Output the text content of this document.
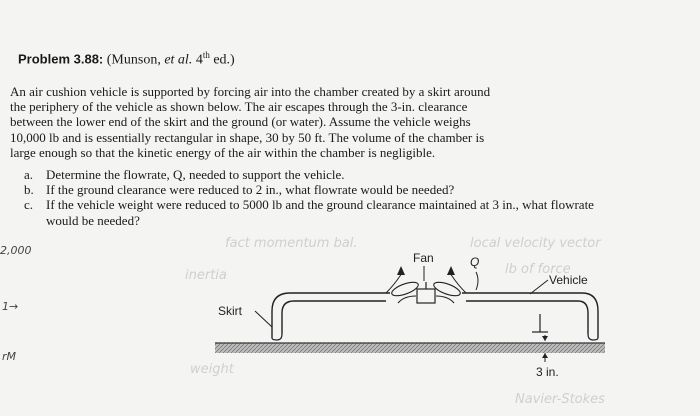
Problem 3.88: (Munson, et al. 4th ed.)
An air cushion vehicle is supported by forcing air into the chamber created by a skirt around
the periphery of the vehicle as shown below. The air escapes through the 3-in. clearance
between the lower end of the skirt and the ground (or water). Assume the vehicle weighs
10,000 lb and is essentially rectangular in shape, 30 by 50 ft. The volume of the chamber is
large enough so that the kinetic energy of the air within the chamber is negligible.
a. Determine the flowrate, Q, needed to support the vehicle.
b. If the ground clearance were reduced to 2 in., what flowrate would be needed?
c. If the vehicle weight were reduced to 5000 lb and the ground clearance maintained at 3 in., what flowrate would be needed?
fact momentum bal.	local velocity vector
inertia	lb of force
weight
Navier-Stokes
2,000
1→
rM
Fan	Q
Vehicle
Skirt
3 in.
